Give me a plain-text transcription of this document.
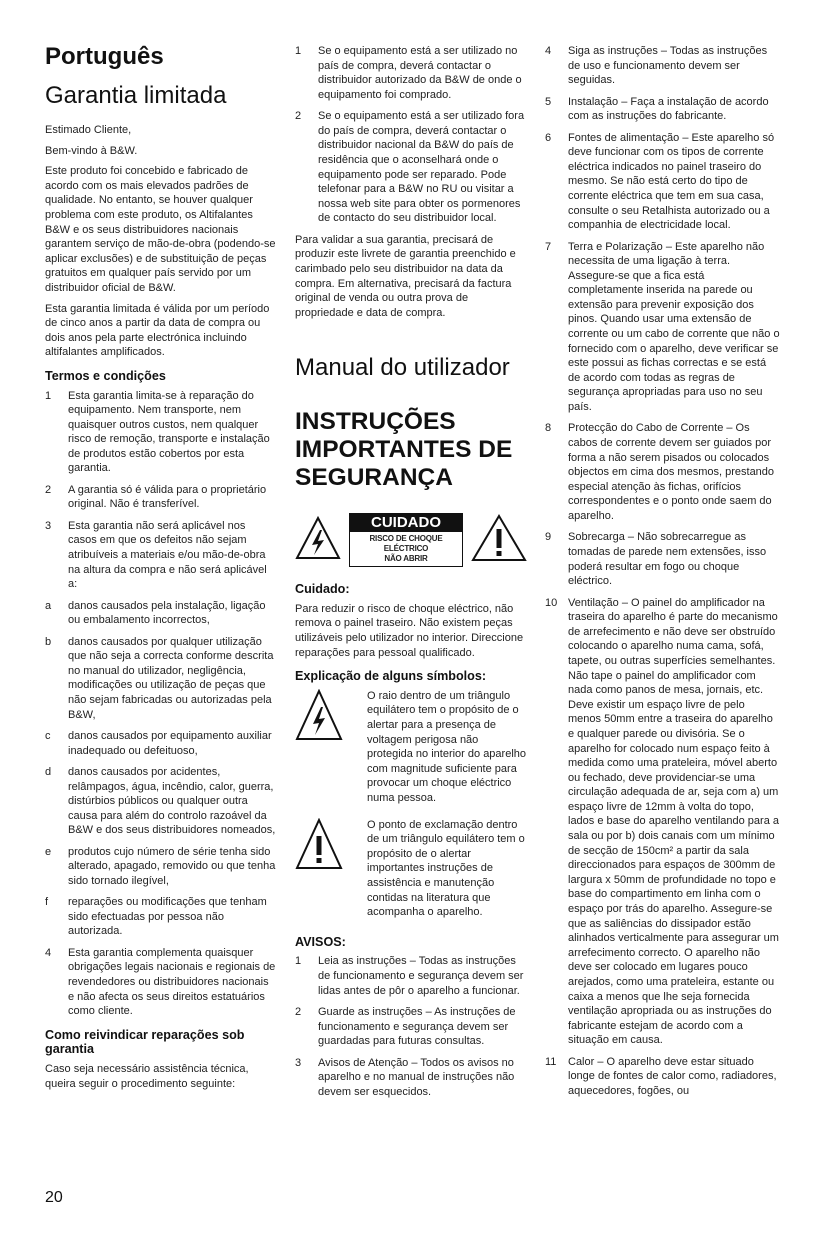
Português
Garantia limitada

Estimado Cliente,

Bem-vindo à B&W.

Este produto foi concebido e fabricado de acordo com os mais elevados padrões de qualidade. No entanto, se houver qualquer problema com este produto, os Altifalantes B&W e os seus distribuidores nacionais garantem serviço de mão-de-obra (podendo-se aplicar exclusões) e de substituição de peças gratuitos em qualquer país servido por um distribuidor oficial de B&W.

Esta garantia limitada é válida por um período de cinco anos a partir da data de compra ou dois anos pela parte electrónica incluindo altifalantes amplificados.

Termos e condições
1	Esta garantia limita-se à reparação do equipamento. Nem transporte, nem quaisquer outros custos, nem qualquer risco de remoção, transporte e instalação de produtos estão cobertos por esta garantia.
2	A garantia só é válida para o proprietário original. Não é transferível.
3	Esta garantia não será aplicável nos casos em que os defeitos não sejam atribuíveis a materiais e/ou mão-de-obra na altura da compra e não será aplicável a:
a	danos causados pela instalação, ligação ou embalamento incorrectos,
b	danos causados por qualquer utilização que não seja a correcta conforme descrita no manual do utilizador, negligência, modificações ou utilização de peças que não sejam fabricadas ou autorizadas pela B&W,
c	danos causados por equipamento auxiliar inadequado ou defeituoso,
d	danos causados por acidentes, relâmpagos, água, incêndio, calor, guerra, distúrbios públicos ou qualquer outra causa para além do controlo razoável da B&W e dos seus distribuidores nomeados,
e	produtos cujo número de série tenha sido alterado, apagado, removido ou que tenha sido tornado ilegível,
f	reparações ou modificações que tenham sido efectuadas por pessoa não autorizada.
4	Esta garantia complementa quaisquer obrigações legais nacionais e regionais de revendedores ou distribuidores nacionais e não afecta os seus direitos estatuários como cliente.
Como reivindicar reparações sob garantia

Caso seja necessário assistência técnica, queira seguir o procedimento seguinte:

1	Se o equipamento está a ser utilizado no país de compra, deverá contactar o distribuidor autorizado da B&W de onde o equipamento foi comprado.
2	Se o equipamento está a ser utilizado fora do país de compra, deverá contactar o distribuidor nacional da B&W do país de residência que o aconselhará onde o equipamento pode ser reparado. Pode telefonar para a B&W no RU ou visitar a nossa web site para obter os pormenores de contacto do seu distribuidor local.

Para validar a sua garantia, precisará de produzir este livrete de garantia preenchido e carimbado pelo seu distribuidor na data da compra. Em alternativa, precisará da factura original de venda ou outra prova de propriedade e data de compra.

Manual do utilizador
INSTRUÇÕES IMPORTANTES DE SEGURANÇA
CUIDADO
RISCO DE CHOQUE ELÉCTRICO
NÃO ABRIR
Cuidado:

Para reduzir o risco de choque eléctrico, não remova o painel traseiro. Não existem peças utilizáveis pelo utilizador no interior. Direccione reparações para pessoal qualificado.

Explicação de alguns símbolos:

O raio dentro de um triângulo equilátero tem o propósito de o alertar para a presença de voltagem perigosa não protegida no interior do aparelho com magnitude suficiente para provocar um choque eléctrico numa pessoa.

O ponto de exclamação dentro de um triângulo equilátero tem o propósito de o alertar importantes instruções de assistência e manutenção contidas na literatura que acompanha o aparelho.

AVISOS:
1	Leia as instruções – Todas as instruções de funcionamento e segurança devem ser lidas antes de pôr o aparelho a funcionar.
2	Guarde as instruções – As instruções de funcionamento e segurança devem ser guardadas para futuras consultas.
3	Avisos de Atenção – Todos os avisos no aparelho e no manual de instruções não devem ser esquecidos.
4	Siga as instruções – Todas as instruções de uso e funcionamento devem ser seguidas.
5	Instalação – Faça a instalação de acordo com as instruções do fabricante.
6	Fontes de alimentação – Este aparelho só deve funcionar com os tipos de corrente eléctrica indicados no painel traseiro do mesmo. Se não está certo do tipo de corrente eléctrica que tem em sua casa, consulte o seu Retalhista autorizado ou a companhia de electricidade local.
7	Terra e Polarização – Este aparelho não necessita de uma ligação à terra. Assegure-se que a fica está completamente inserida na parede ou extensão para prevenir exposição dos pinos. Quando usar uma extensão de corrente ou um cabo de corrente que não o fornecido com o aparelho, deve verificar se este possui as fichas correctas e se está de acordo com todas as regras de segurança apropriadas para uso no seu país.
8	Protecção do Cabo de Corrente – Os cabos de corrente devem ser guiados por forma a não serem pisados ou colocados objectos em cima dos mesmos, prestando especial atenção às fichas, orifícios correspondentes e o ponto onde saem do aparelho.
9	Sobrecarga – Não sobrecarregue as tomadas de parede nem extensões, isso poderá resultar em fogo ou choque eléctrico.
10 Ventilação – O painel do amplificador na traseira do aparelho é parte do mecanismo de arrefecimento e não deve ser obstruído colocando o aparelho numa cama, sofá, tapete, ou outras superfícies semelhantes. Não tape o painel do amplificador com nada como panos de mesa, jornais, etc. Deve existir um espaço livre de pelo menos 50mm entre a traseira do aparelho e qualquer parede ou divisória. Se o aparelho for colocado num espaço feito à medida como uma prateleira, móvel aberto ou fechado, deve providenciar-se uma circulação adequada de ar, seja com a) um espaço livre de 12mm à volta do topo, lados e base do aparelho ventilando para a sala ou por b) dois canais com um mínimo de secção de 150cm² a partir da sala direccionados para espaços de 300mm de largura x 50mm de profundidade no topo e base do compartimento em linha com o espaço por trás do aparelho. Assegure-se que as saliências do dissipador estão alinhados verticalmente para assegurar um arrefecimento correcto. O aparelho não deve ser colocado em lugares pouco arejados, como uma prateleira, estante ou caixa a menos que lhe seja fornecida ventilação apropriada ou as instruções do fabricante estejam de acordo com a situação em causa.
11	Calor – O aparelho deve estar situado longe de fontes de calor como, radiadores, aquecedores, fogões, ou
20
